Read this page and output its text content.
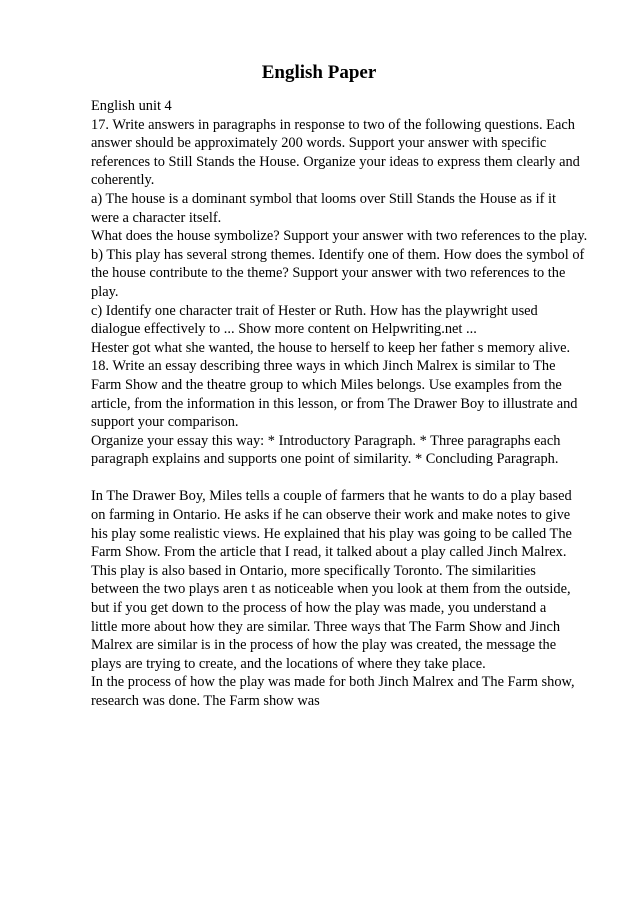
English Paper
English unit 4
17. Write answers in paragraphs in response to two of the following questions. Each
answer should be approximately 200 words. Support your answer with specific
references to Still Stands the House. Organize your ideas to express them clearly and
coherently.
a) The house is a dominant symbol that looms over Still Stands the House as if it
were a character itself.
What does the house symbolize? Support your answer with two references to the play.
b) This play has several strong themes. Identify one of them. How does the symbol of
the house contribute to the theme? Support your answer with two references to the
play.
c) Identify one character trait of Hester or Ruth. How has the playwright used
dialogue effectively to ... Show more content on Helpwriting.net ...
Hester got what she wanted, the house to herself to keep her father s memory alive.
18. Write an essay describing three ways in which Jinch Malrex is similar to The
Farm Show and the theatre group to which Miles belongs. Use examples from the
article, from the information in this lesson, or from The Drawer Boy to illustrate and
support your comparison.
Organize your essay this way: * Introductory Paragraph. * Three paragraphs each
paragraph explains and supports one point of similarity. * Concluding Paragraph.
In The Drawer Boy, Miles tells a couple of farmers that he wants to do a play based
on farming in Ontario. He asks if he can observe their work and make notes to give
his play some realistic views. He explained that his play was going to be called The
Farm Show. From the article that I read, it talked about a play called Jinch Malrex.
This play is also based in Ontario, more specifically Toronto. The similarities
between the two plays aren t as noticeable when you look at them from the outside,
but if you get down to the process of how the play was made, you understand a
little more about how they are similar. Three ways that The Farm Show and Jinch
Malrex are similar is in the process of how the play was created, the message the
plays are trying to create, and the locations of where they take place.
In the process of how the play was made for both Jinch Malrex and The Farm show,
research was done. The Farm show was
